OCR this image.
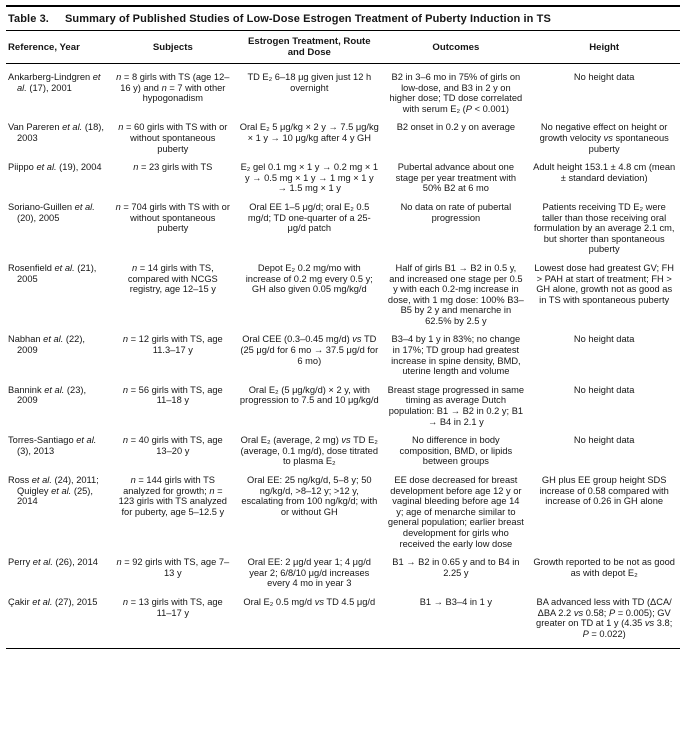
Table 3. Summary of Published Studies of Low-Dose Estrogen Treatment of Puberty Induction in TS
Reference, Year	Subjects	Estrogen Treatment, Route and Dose	Outcomes	Height
Ankarberg-Lindgren et al. (17), 2001	n = 8 girls with TS (age 12–16 y) and n = 7 with other hypogonadism	TD E₂ 6–18 μg given just 12 h overnight	B2 in 3–6 mo in 75% of girls on low-dose, and B3 in 2 y on higher dose; TD dose correlated with serum E₂ (P < 0.001)	No height data
Van Pareren et al. (18), 2003	n = 60 girls with TS with or without spontaneous puberty	Oral E₂ 5 μg/kg × 2 y → 7.5 μg/kg × 1 y → 10 μg/kg after 4 y GH	B2 onset in 0.2 y on average	No negative effect on height or growth velocity vs spontaneous puberty
Piippo et al. (19), 2004	n = 23 girls with TS	E₂ gel 0.1 mg × 1 y → 0.2 mg × 1 y → 0.5 mg × 1 y → 1 mg × 1 y → 1.5 mg × 1 y	Pubertal advance about one stage per year treatment with 50% B2 at 6 mo	Adult height 153.1 ± 4.8 cm (mean ± standard deviation)
Soriano-Guillen et al. (20), 2005	n = 704 girls with TS with or without spontaneous puberty	Oral EE 1–5 μg/d; oral E₂ 0.5 mg/d; TD one-quarter of a 25-μg/d patch	No data on rate of pubertal progression	Patients receiving TD E₂ were taller than those receiving oral formulation by an average 2.1 cm, but shorter than spontaneous puberty
Rosenfield et al. (21), 2005	n = 14 girls with TS, compared with NCGS registry, age 12–15 y	Depot E₂ 0.2 mg/mo with increase of 0.2 mg every 0.5 y; GH also given 0.05 mg/kg/d	Half of girls B1 → B2 in 0.5 y, and increased one stage per 0.5 y with each 0.2-mg increase in dose, with 1 mg dose: 100% B3–B5 by 2 y and menarche in 62.5% by 2.5 y	Lowest dose had greatest GV; FH > PAH at start of treatment; FH > GH alone, growth not as good as in TS with spontaneous puberty
Nabhan et al. (22), 2009	n = 12 girls with TS, age 11.3–17 y	Oral CEE (0.3–0.45 mg/d) vs TD (25 μg/d for 6 mo → 37.5 μg/d for 6 mo)	B3–4 by 1 y in 83%; no change in 17%; TD group had greatest increase in spine density, BMD, uterine length and volume	No height data
Bannink et al. (23), 2009	n = 56 girls with TS, age 11–18 y	Oral E₂ (5 μg/kg/d) × 2 y, with progression to 7.5 and 10 μg/kg/d	Breast stage progressed in same timing as average Dutch population: B1 → B2 in 0.2 y; B1 → B4 in 2.1 y	No height data
Torres-Santiago et al. (3), 2013	n = 40 girls with TS, age 13–20 y	Oral E₂ (average, 2 mg) vs TD E₂ (average, 0.1 mg/d), dose titrated to plasma E₂	No difference in body composition, BMD, or lipids between groups	No height data
Ross et al. (24), 2011; Quigley et al. (25), 2014	n = 144 girls with TS analyzed for growth; n = 123 girls with TS analyzed for puberty, age 5–12.5 y	Oral EE: 25 ng/kg/d, 5–8 y; 50 ng/kg/d, >8–12 y; >12 y, escalating from 100 ng/kg/d; with or without GH	EE dose decreased for breast development before age 12 y or vaginal bleeding before age 14 y; age of menarche similar to general population; earlier breast development for girls who received the early low dose	GH plus EE group height SDS increase of 0.58 compared with increase of 0.26 in GH alone
Perry et al. (26), 2014	n = 92 girls with TS, age 7–13 y	Oral EE: 2 μg/d year 1; 4 μg/d year 2; 6/8/10 μg/d increases every 4 mo in year 3	B1 → B2 in 0.65 y and to B4 in 2.25 y	Growth reported to be not as good as with depot E₂
Çakir et al. (27), 2015	n = 13 girls with TS, age 11–17 y	Oral E₂ 0.5 mg/d vs TD 4.5 μg/d	B1 → B3–4 in 1 y	BA advanced less with TD (ΔCA/ΔBA 2.2 vs 0.58; P = 0.005); GV greater on TD at 1 y (4.35 vs 3.8; P = 0.022)
